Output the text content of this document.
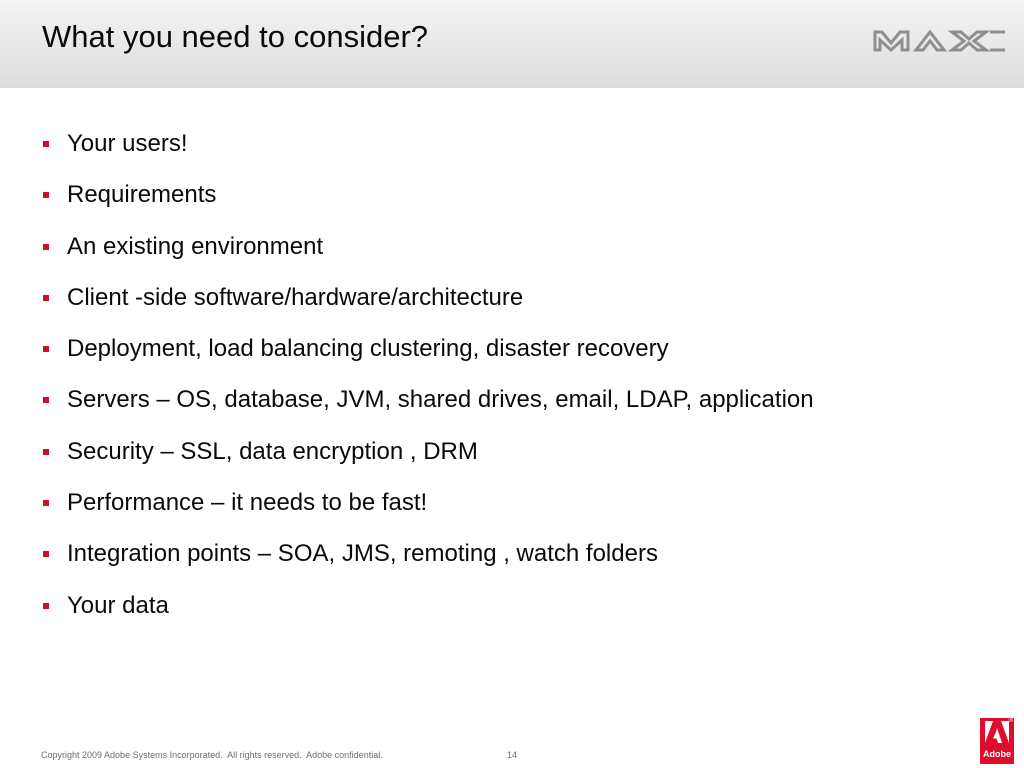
What you need to consider?
Your users!
Requirements
An existing environment
Client -side software/hardware/architecture
Deployment, load balancing clustering, disaster recovery
Servers – OS, database, JVM, shared drives, email, LDAP, application
Security – SSL, data encryption , DRM
Performance – it needs to be fast!
Integration points – SOA, JMS, remoting , watch folders
Your data
Copyright 2009 Adobe Systems Incorporated.  All rights reserved.  Adobe confidential.	14
®
Adobe
